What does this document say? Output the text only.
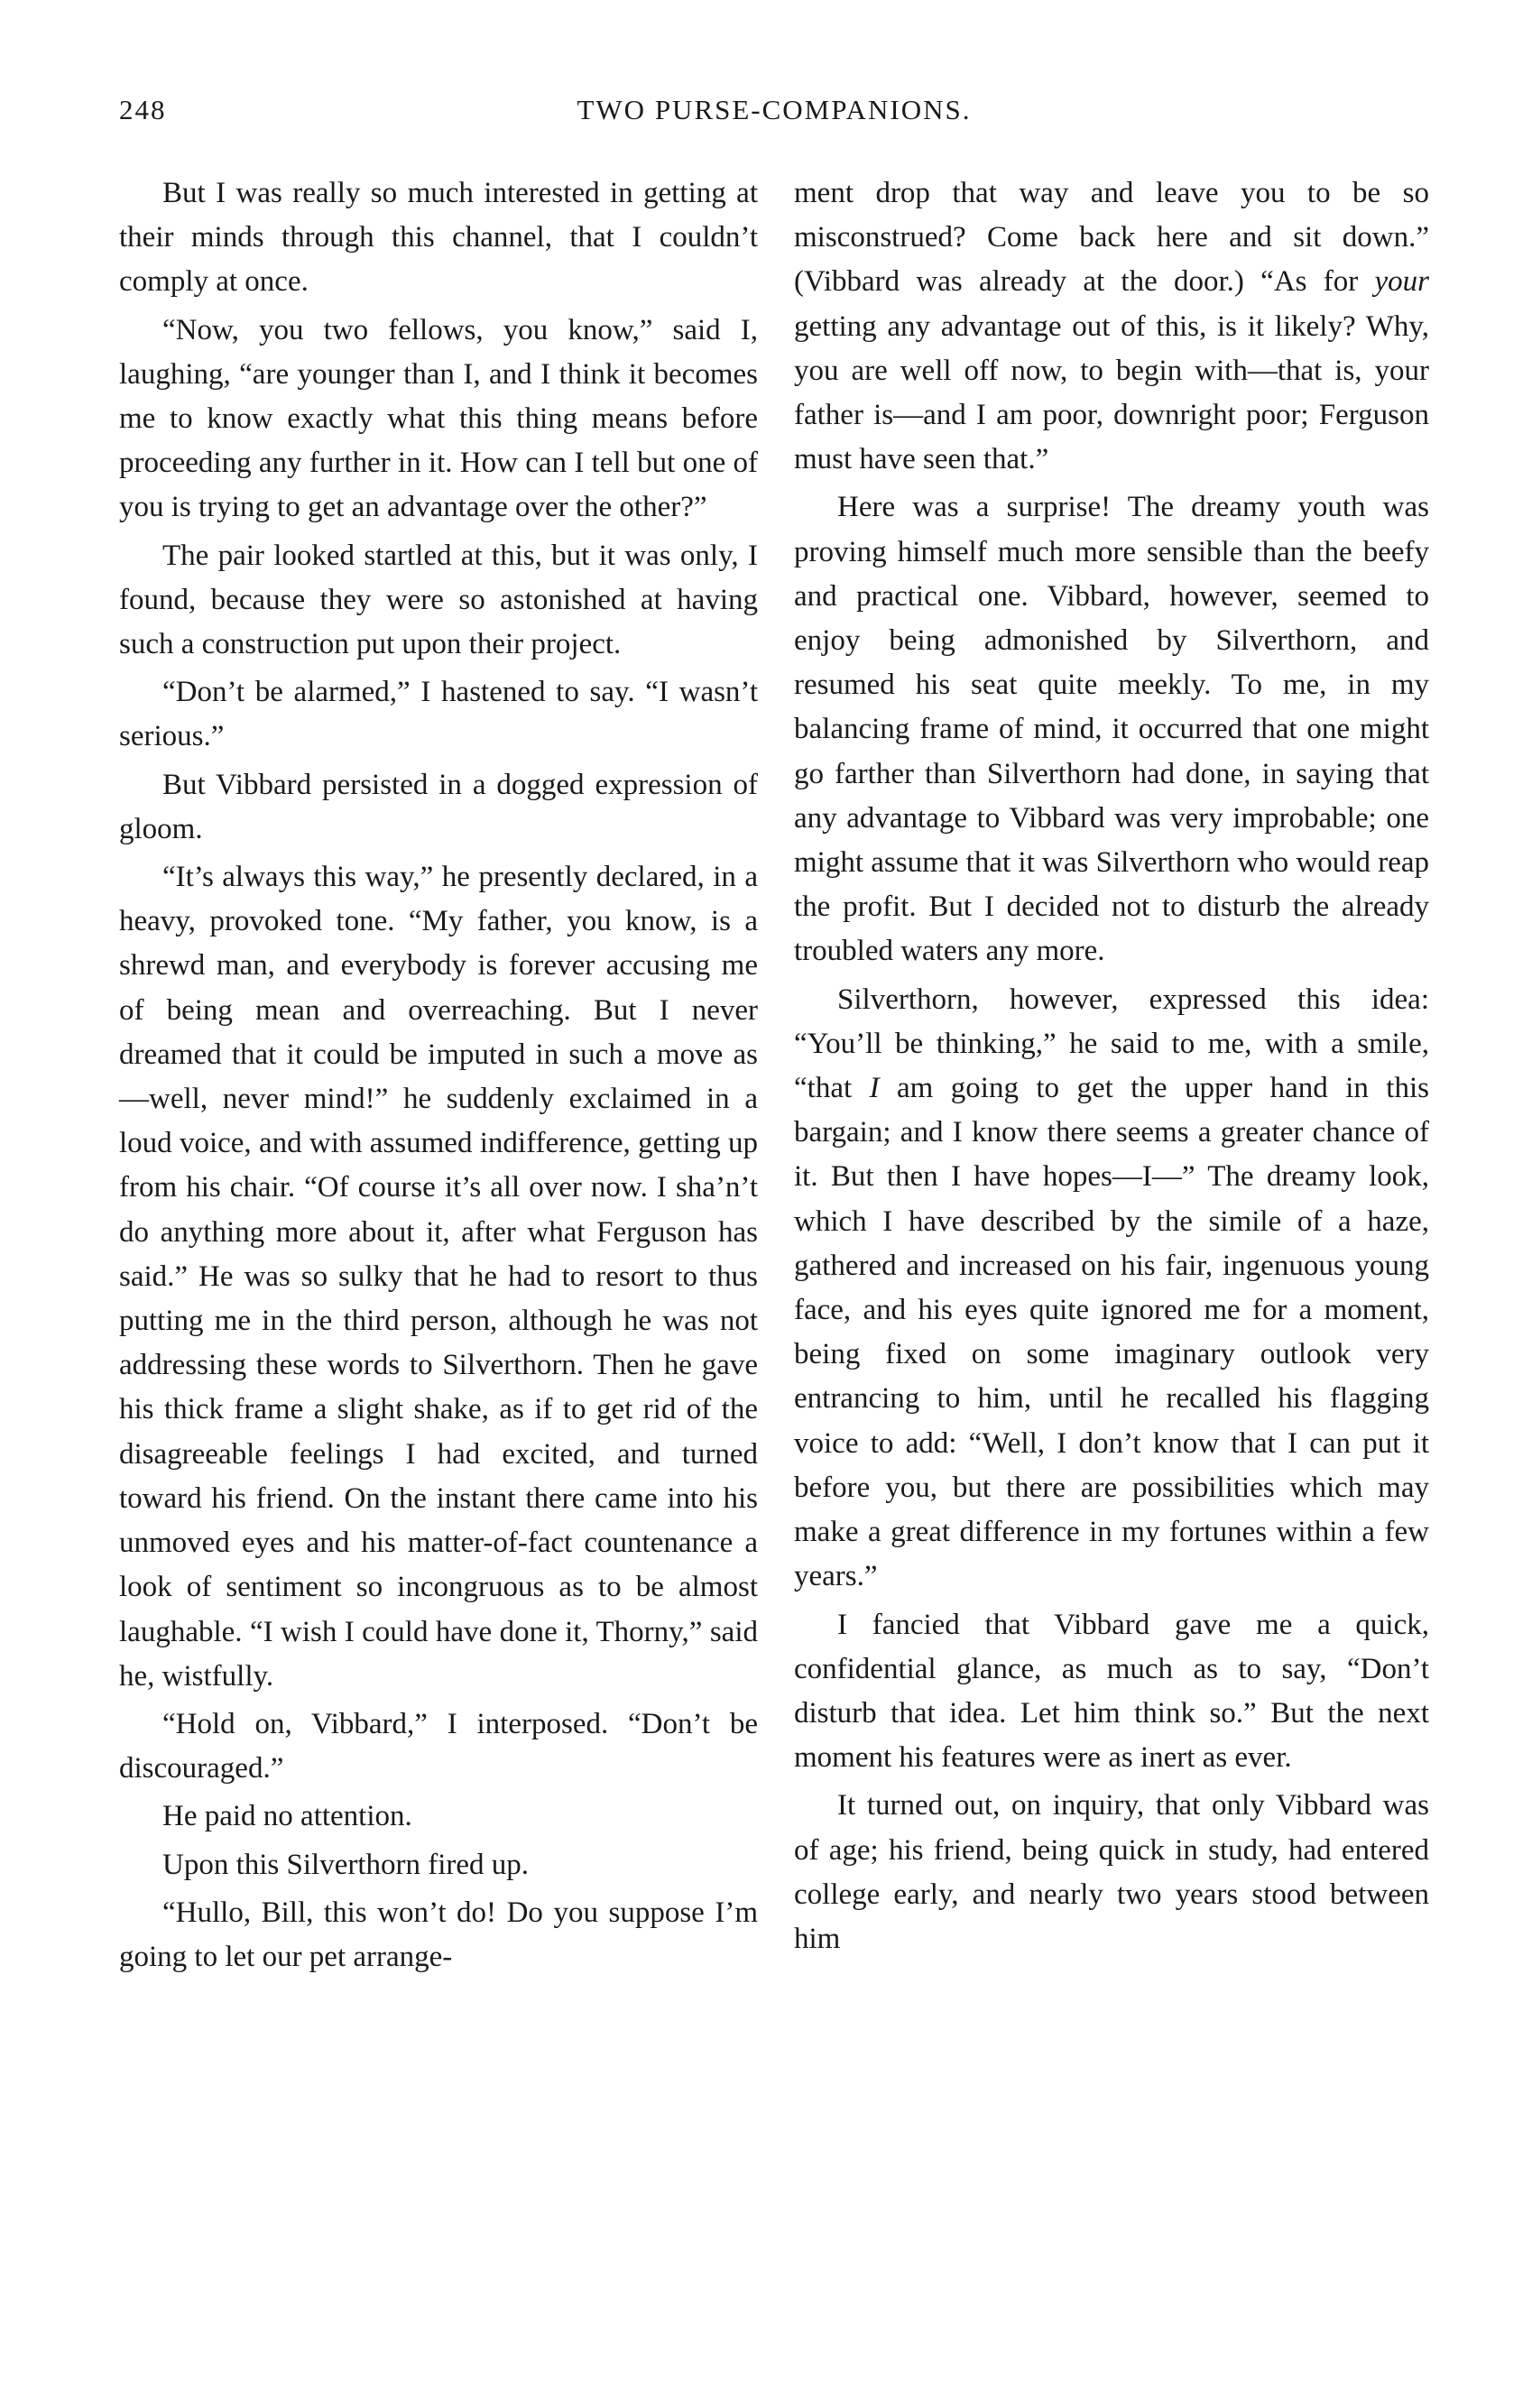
248	TWO PURSE-COMPANIONS.

But I was really so much interested in getting at their minds through this channel, that I couldn’t comply at once.

“Now, you two fellows, you know,” said I, laughing, “are younger than I, and I think it becomes me to know exactly what this thing means before proceeding any further in it. How can I tell but one of you is trying to get an advantage over the other?”

The pair looked startled at this, but it was only, I found, because they were so astonished at having such a construction put upon their project.

“Don’t be alarmed,” I hastened to say. “I wasn’t serious.”

But Vibbard persisted in a dogged expression of gloom.

“It’s always this way,” he presently declared, in a heavy, provoked tone. “My father, you know, is a shrewd man, and everybody is forever accusing me of being mean and overreaching. But I never dreamed that it could be imputed in such a move as—well, never mind!” he suddenly exclaimed in a loud voice, and with assumed indifference, getting up from his chair. “Of course it’s all over now. I sha’n’t do anything more about it, after what Ferguson has said.” He was so sulky that he had to resort to thus putting me in the third person, although he was not addressing these words to Silverthorn. Then he gave his thick frame a slight shake, as if to get rid of the disagreeable feelings I had excited, and turned toward his friend. On the instant there came into his unmoved eyes and his matter-of-fact countenance a look of sentiment so incongruous as to be almost laughable. “I wish I could have done it, Thorny,” said he, wistfully.

“Hold on, Vibbard,” I interposed. “Don’t be discouraged.”

He paid no attention.

Upon this Silverthorn fired up.

“Hullo, Bill, this won’t do! Do you suppose I’m going to let our pet arrange-

ment drop that way and leave you to be so misconstrued? Come back here and sit down.” (Vibbard was already at the door.) “As for your getting any advantage out of this, is it likely? Why, you are well off now, to begin with—that is, your father is—and I am poor, downright poor; Ferguson must have seen that.”

Here was a surprise! The dreamy youth was proving himself much more sensible than the beefy and practical one. Vibbard, however, seemed to enjoy being admonished by Silverthorn, and resumed his seat quite meekly. To me, in my balancing frame of mind, it occurred that one might go farther than Silverthorn had done, in saying that any advantage to Vibbard was very improbable; one might assume that it was Silverthorn who would reap the profit. But I decided not to disturb the already troubled waters any more.

Silverthorn, however, expressed this idea: “You’ll be thinking,” he said to me, with a smile, “that I am going to get the upper hand in this bargain; and I know there seems a greater chance of it. But then I have hopes—I—” The dreamy look, which I have described by the simile of a haze, gathered and increased on his fair, ingenuous young face, and his eyes quite ignored me for a moment, being fixed on some imaginary outlook very entrancing to him, until he recalled his flagging voice to add: “Well, I don’t know that I can put it before you, but there are possibilities which may make a great difference in my fortunes within a few years.”

I fancied that Vibbard gave me a quick, confidential glance, as much as to say, “Don’t disturb that idea. Let him think so.” But the next moment his features were as inert as ever.

It turned out, on inquiry, that only Vibbard was of age; his friend, being quick in study, had entered college early, and nearly two years stood between him
